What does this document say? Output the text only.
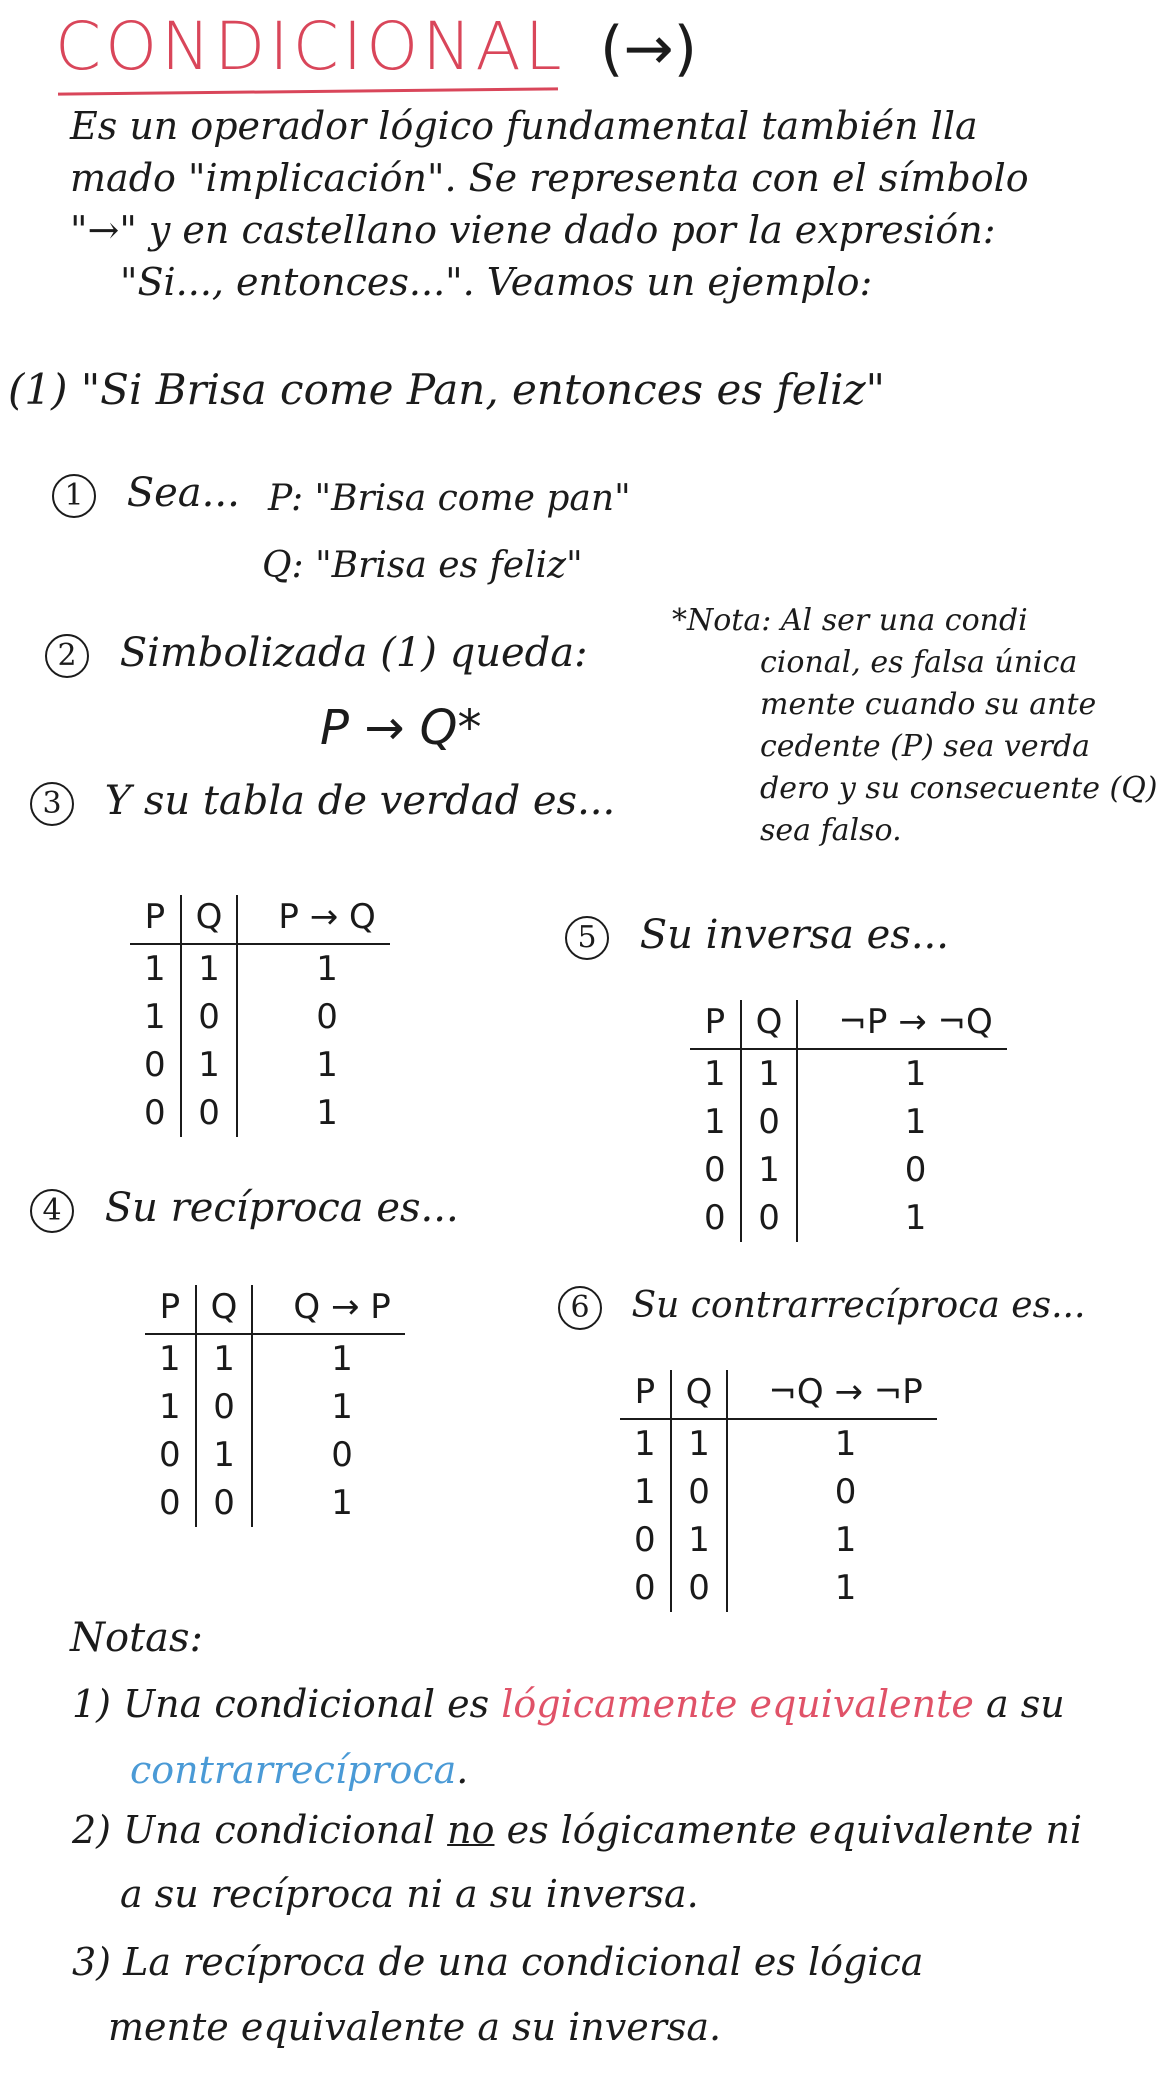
CONDICIONAL (→)
Es un operador lógico fundamental también lla
mado "implicación". Se representa con el símbolo
"→" y en castellano viene dado por la expresión:
"Si..., entonces...". Veamos un ejemplo:
(1) "Si Brisa come Pan, entonces es feliz"
1 Sea... P: "Brisa come pan"
Q: "Brisa es feliz"
2 Simbolizada (1) queda:
P → Q*
*Nota: Al ser una condi
cional, es falsa única
mente cuando su ante
cedente (P) sea verda
dero y su consecuente (Q)
sea falso.
3 Y su tabla de verdad es...
P	Q	P → Q
1	1	1
1	0	0
0	1	1
0	0	1
5 Su inversa es...
P	Q	¬P → ¬Q
1	1	1
1	0	1
0	1	0
0	0	1
4 Su recíproca es...
P	Q	Q → P
1	1	1
1	0	1
0	1	0
0	0	1
6 Su contrarrecíproca es...
P	Q	¬Q → ¬P
1	1	1
1	0	0
0	1	1
0	0	1
Notas:
1) Una condicional es lógicamente equivalente a su
contrarrecíproca.
2) Una condicional no es lógicamente equivalente ni
a su recíproca ni a su inversa.
3) La recíproca de una condicional es lógica
mente equivalente a su inversa.
